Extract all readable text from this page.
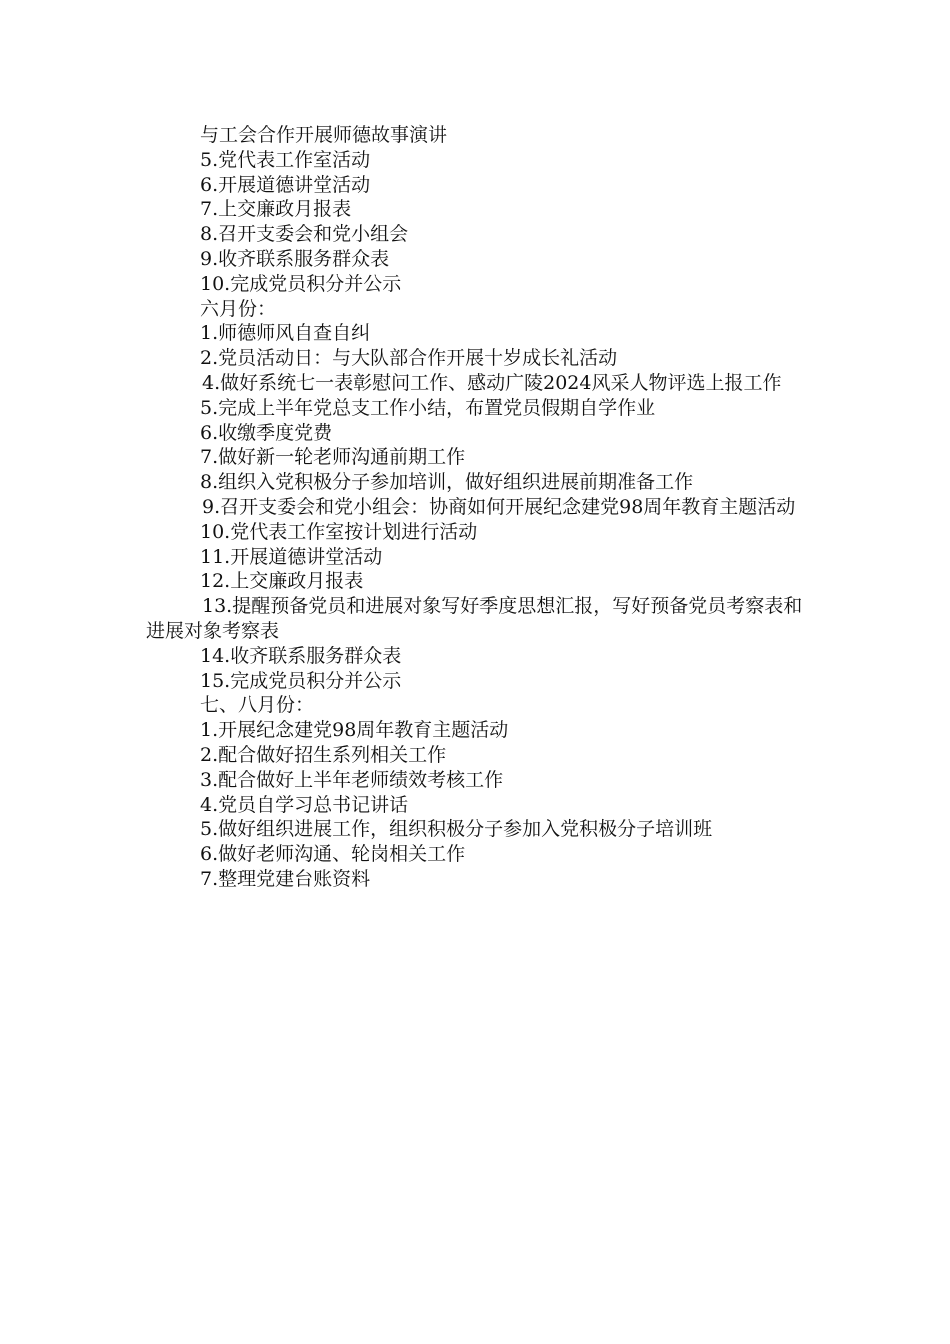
与工会合作开展师德故事演讲
5.党代表工作室活动
6.开展道德讲堂活动
7.上交廉政月报表
8.召开支委会和党小组会
9.收齐联系服务群众表
10.完成党员积分并公示
六月份：
1.师德师风自查自纠
2.党员活动日：与大队部合作开展十岁成长礼活动
4.做好系统七一表彰慰问工作、感动广陵2024风采人物评选上报工作
5.完成上半年党总支工作小结，布置党员假期自学作业
6.收缴季度党费
7.做好新一轮老师沟通前期工作
8.组织入党积极分子参加培训，做好组织进展前期准备工作
9.召开支委会和党小组会：协商如何开展纪念建党98周年教育主题活动
10.党代表工作室按计划进行活动
11.开展道德讲堂活动
12.上交廉政月报表
13.提醒预备党员和进展对象写好季度思想汇报，写好预备党员考察表和进展对象考察表
14.收齐联系服务群众表
15.完成党员积分并公示
七、八月份：
1.开展纪念建党98周年教育主题活动
2.配合做好招生系列相关工作
3.配合做好上半年老师绩效考核工作
4.党员自学习总书记讲话
5.做好组织进展工作，组织积极分子参加入党积极分子培训班
6.做好老师沟通、轮岗相关工作
7.整理党建台账资料
